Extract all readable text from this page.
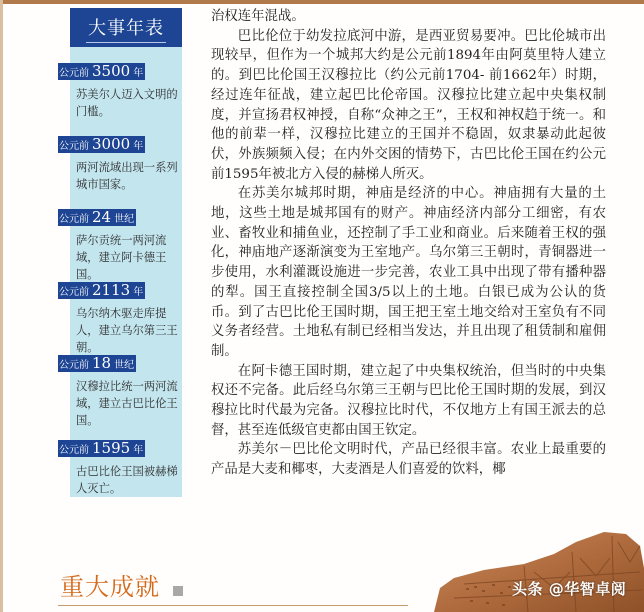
大事年表
公元前 3500 年
苏美尔人迈入文明的门槛。
公元前 3000 年
两河流域出现一系列城市国家。
公元前 24 世纪
萨尔贡统一两河流域，建立阿卡德王国。
公元前 2113 年
乌尔纳木驱走库提人，建立乌尔第三王朝。
公元前 18 世纪
汉穆拉比统一两河流域，建立古巴比伦王国。
公元前 1595 年
古巴比伦王国被赫梯人灭亡。

治权连年混战。

巴比伦位于幼发拉底河中游，是西亚贸易要冲。巴比伦城市出现较早，但作为一个城邦大约是公元前1894年由阿莫里特人建立的。到巴比伦国王汉穆拉比（约公元前1704- 前1662年）时期，经过连年征战，建立起巴比伦帝国。汉穆拉比建立起中央集权制度，并宣扬君权神授，自称“众神之王”，王权和神权趋于统一。和他的前辈一样，汉穆拉比建立的王国并不稳固，奴隶暴动此起彼伏，外族频频入侵；在内外交困的情势下，古巴比伦王国在约公元前1595年被北方入侵的赫梯人所灭。

在苏美尔城邦时期，神庙是经济的中心。神庙拥有大量的土地，这些土地是城邦国有的财产。神庙经济内部分工细密，有农业、畜牧业和捕鱼业，还控制了手工业和商业。后来随着王权的强化，神庙地产逐渐演变为王室地产。乌尔第三王朝时，青铜器进一步使用，水利灌溉设施进一步完善，农业工具中出现了带有播种器的犁。国王直接控制全国3/5以上的土地。白银已成为公认的货币。到了古巴比伦王国时期，国王把王室土地交给对王室负有不同义务者经营。土地私有制已经相当发达，并且出现了租赁制和雇佣制。

在阿卡德王国时期，建立起了中央集权统治，但当时的中央集权还不完备。此后经乌尔第三王朝与巴比伦王国时期的发展，到汉穆拉比时代最为完备。汉穆拉比时代，不仅地方上有国王派去的总督，甚至连低级官吏都由国王钦定。

苏美尔－巴比伦文明时代，产品已经很丰富。农业上最重要的产品是大麦和椰枣，大麦酒是人们喜爱的饮料，椰

重大成就	头条 @华智卓阅
